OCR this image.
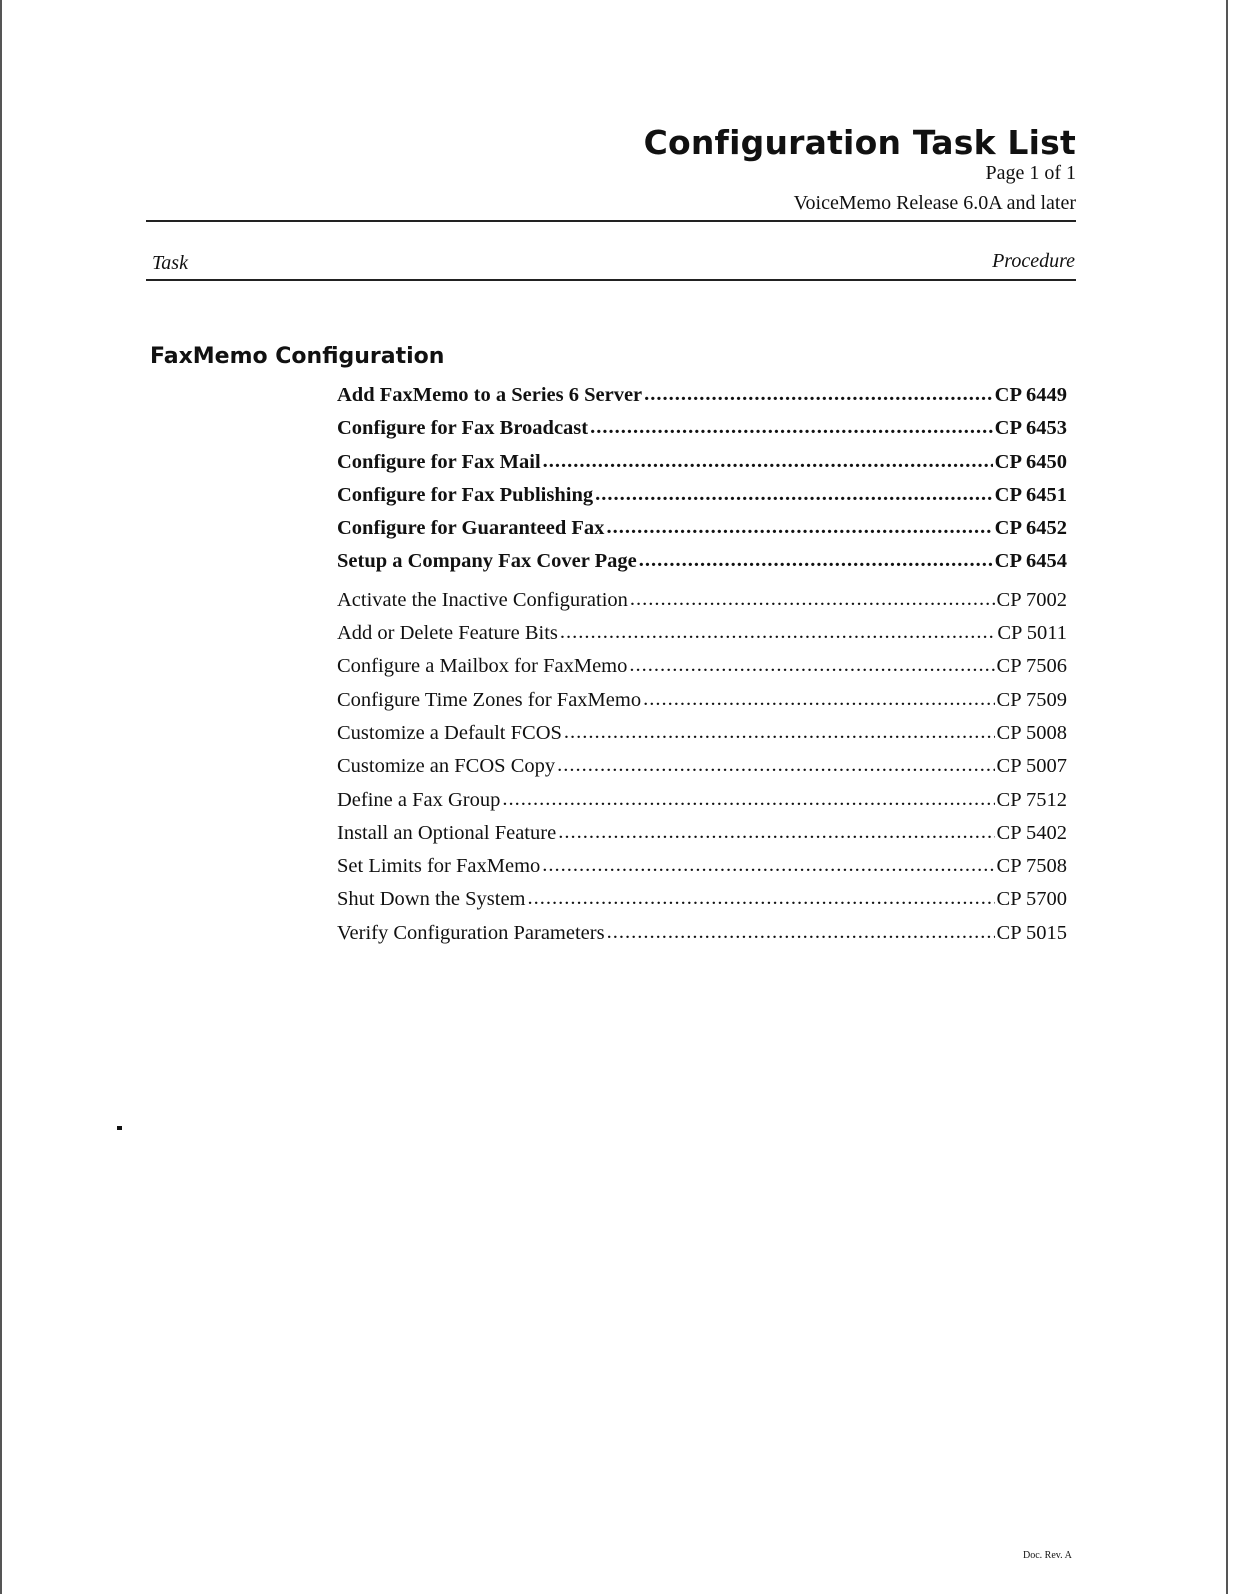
Configuration Task List
Page 1 of 1
VoiceMemo Release 6.0A and later
Task	Procedure
FaxMemo Configuration
Add FaxMemo to a Series 6 Server .....	CP 6449
Configure for Fax Broadcast .....	CP 6453
Configure for Fax Mail .....	CP 6450
Configure for Fax Publishing .....	CP 6451
Configure for Guaranteed Fax .....	CP 6452
Setup a Company Fax Cover Page .....	CP 6454
Activate the Inactive Configuration .....	CP 7002
Add or Delete Feature Bits .....	CP 5011
Configure a Mailbox for FaxMemo .....	CP 7506
Configure Time Zones for FaxMemo .....	CP 7509
Customize a Default FCOS .....	CP 5008
Customize an FCOS Copy .....	CP 5007
Define a Fax Group .....	CP 7512
Install an Optional Feature .....	CP 5402
Set Limits for FaxMemo .....	CP 7508
Shut Down the System .....	CP 5700
Verify Configuration Parameters .....	CP 5015
Doc. Rev. A
